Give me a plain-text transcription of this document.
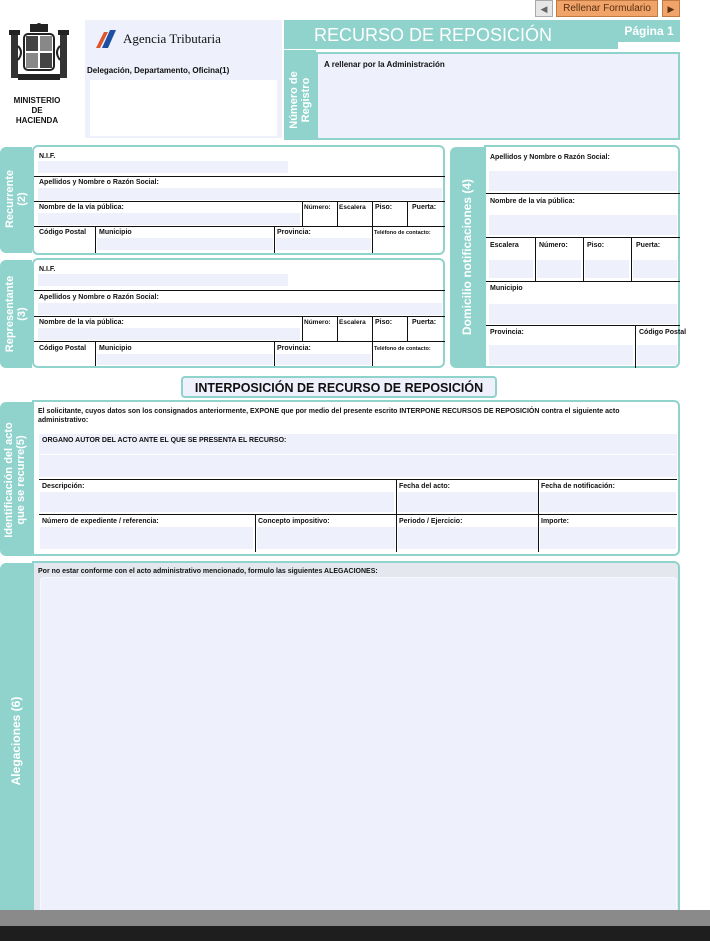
◀	Rellenar Formulario	▶
MINISTERIO
DE
HACIENDA
Agencia Tributaria
Delegación, Departamento, Oficina(1)
RECURSO DE REPOSICIÓN	Página 1
Número de Registro
A rellenar por la Administración
Recurrente (2)
N.I.F.
Apellidos y Nombre o Razón Social:
Nombre de la vía pública:	Número: Escalera Piso:	Puerta:
Código Postal Municipio	Provincia:	Teléfono de contacto:
Representante (3)
N.I.F.
Apellidos y Nombre o Razón Social:
Nombre de la vía pública:	Número: Escalera Piso:	Puerta:
Código Postal Municipio	Provincia:	Teléfono de contacto:
Domicilio notificaciones (4)
Apellidos y Nombre o Razón Social:
Nombre de la vía pública:
Escalera	Número:	Piso:	Puerta:
Municipio
Provincia:	Código Postal
INTERPOSICIÓN DE RECURSO DE REPOSICIÓN
Identificación del acto que se recurre(5)
El solicitante, cuyos datos son los consignados anteriormente, EXPONE que por medio del presente escrito INTERPONE RECURSOS DE REPOSICIÓN contra el siguiente acto administrativo:
ORGANO AUTOR DEL ACTO ANTE EL QUE SE PRESENTA EL RECURSO:
Descripción:	Fecha del acto:	Fecha de notificación:
Número de expediente / referencia:	Concepto impositivo:	Periodo / Ejercicio:	Importe:
Alegaciones (6)
Por no estar conforme con el acto administrativo mencionado, formulo las siguientes ALEGACIONES:
